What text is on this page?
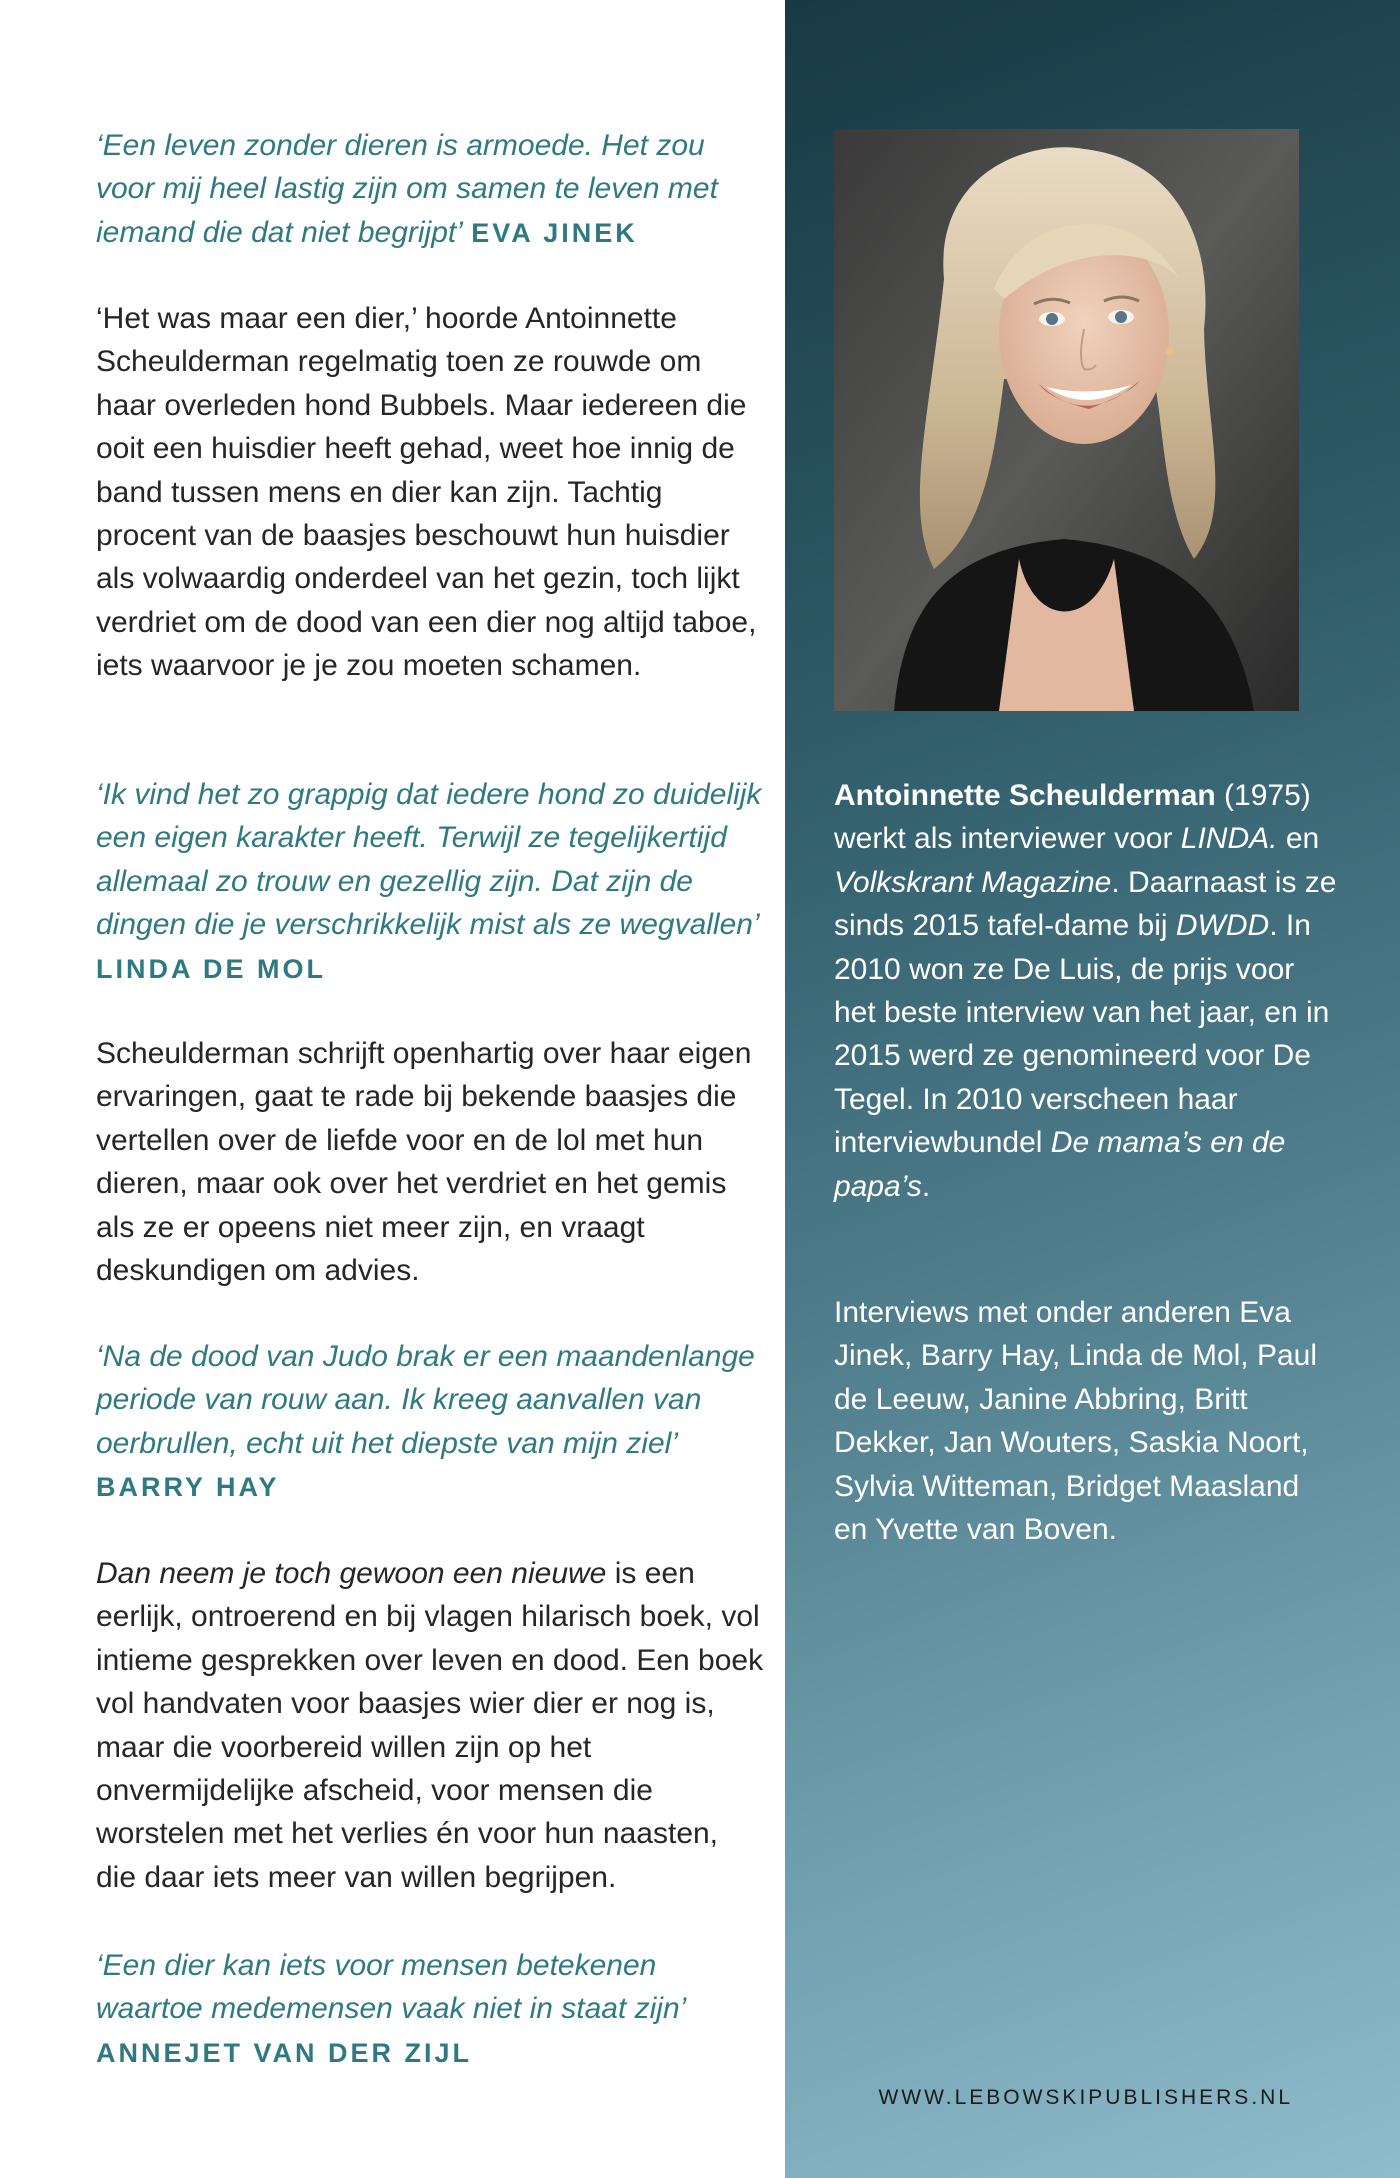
‘Een leven zonder dieren is armoede. Het zou voor mij heel lastig zijn om samen te leven met iemand die dat niet begrijpt’ EVA JINEK
‘Het was maar een dier,’ hoorde Antoinnette Scheulderman regelmatig toen ze rouwde om haar overleden hond Bubbels. Maar iedereen die ooit een huisdier heeft gehad, weet hoe innig de band tussen mens en dier kan zijn. Tachtig procent van de baasjes beschouwt hun huisdier als volwaardig onderdeel van het gezin, toch lijkt verdriet om de dood van een dier nog altijd taboe, iets waarvoor je je zou moeten schamen.
‘Ik vind het zo grappig dat iedere hond zo duidelijk een eigen karakter heeft. Terwijl ze tegelijkertijd allemaal zo trouw en gezellig zijn. Dat zijn de dingen die je verschrikkelijk mist als ze wegvallen’ LINDA DE MOL
Scheulderman schrijft openhartig over haar eigen ervaringen, gaat te rade bij bekende baasjes die vertellen over de liefde voor en de lol met hun dieren, maar ook over het verdriet en het gemis als ze er opeens niet meer zijn, en vraagt deskundigen om advies.
‘Na de dood van Judo brak er een maandenlange periode van rouw aan. Ik kreeg aanvallen van oerbrullen, echt uit het diepste van mijn ziel’ BARRY HAY
Dan neem je toch gewoon een nieuwe is een eerlijk, ontroerend en bij vlagen hilarisch boek, vol intieme gesprekken over leven en dood. Een boek vol handvaten voor baasjes wier dier er nog is, maar die voorbereid willen zijn op het onvermijdelijke afscheid, voor mensen die worstelen met het verlies én voor hun naasten, die daar iets meer van willen begrijpen.
‘Een dier kan iets voor mensen betekenen waartoe medemensen vaak niet in staat zijn’ ANNEJET VAN DER ZIJL
Antoinnette Scheulderman (1975) werkt als interviewer voor LINDA. en Volkskrant Magazine. Daarnaast is ze sinds 2015 tafel-dame bij DWDD. In 2010 won ze De Luis, de prijs voor het beste interview van het jaar, en in 2015 werd ze genomineerd voor De Tegel. In 2010 verscheen haar interviewbundel De mama’s en de papa’s.
Interviews met onder anderen Eva Jinek, Barry Hay, Linda de Mol, Paul de Leeuw, Janine Abbring, Britt Dekker, Jan Wouters, Saskia Noort, Sylvia Witteman, Bridget Maasland en Yvette van Boven.
WWW.LEBOWSKIPUBLISHERS.NL
